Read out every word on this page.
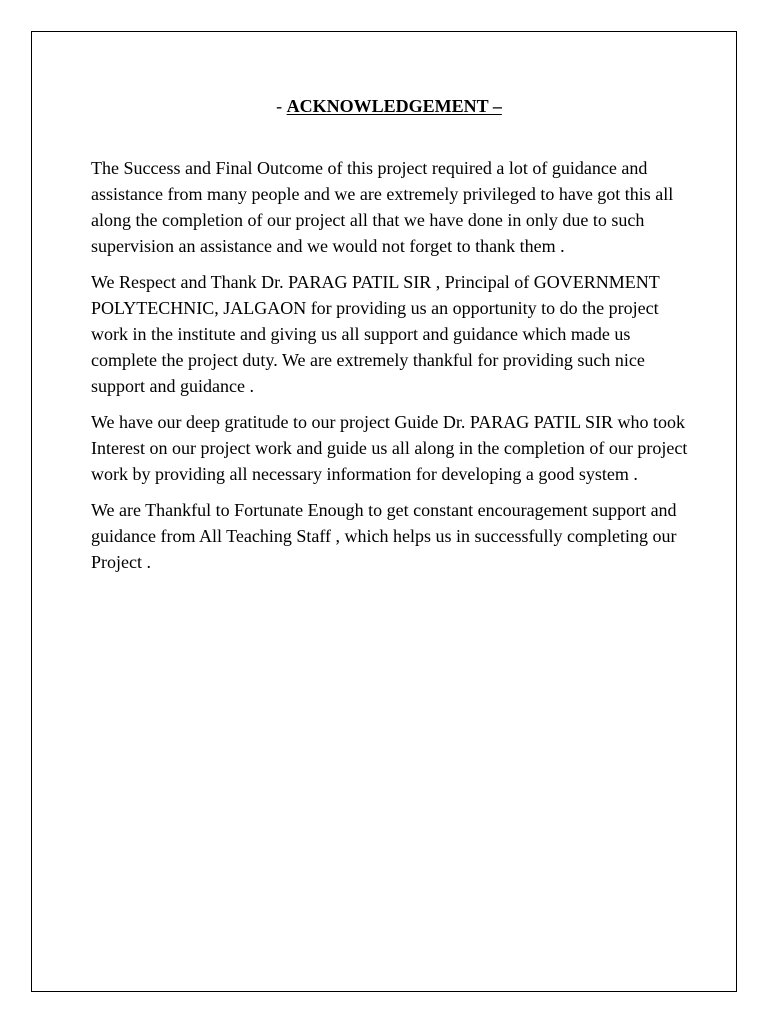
- ACKNOWLEDGEMENT –

The Success and Final Outcome of this project required a lot of guidance and assistance from many people and we are extremely privileged to have got this all along the completion of our project all that we have done in only due to such supervision an assistance and we would not forget to thank them .

We Respect and Thank Dr. PARAG PATIL SIR , Principal of GOVERNMENT POLYTECHNIC, JALGAON for providing us an opportunity to do the project work in the institute and giving us all support and guidance which made us complete the project duty. We are extremely thankful for providing such nice support and guidance .

We have our deep gratitude to our project Guide Dr. PARAG PATIL SIR who took Interest on our project work and guide us all along in the completion of our project work by providing all necessary information for developing a good system .

We are Thankful to Fortunate Enough to get constant encouragement support and guidance from All Teaching Staff , which helps us in successfully completing our Project .
